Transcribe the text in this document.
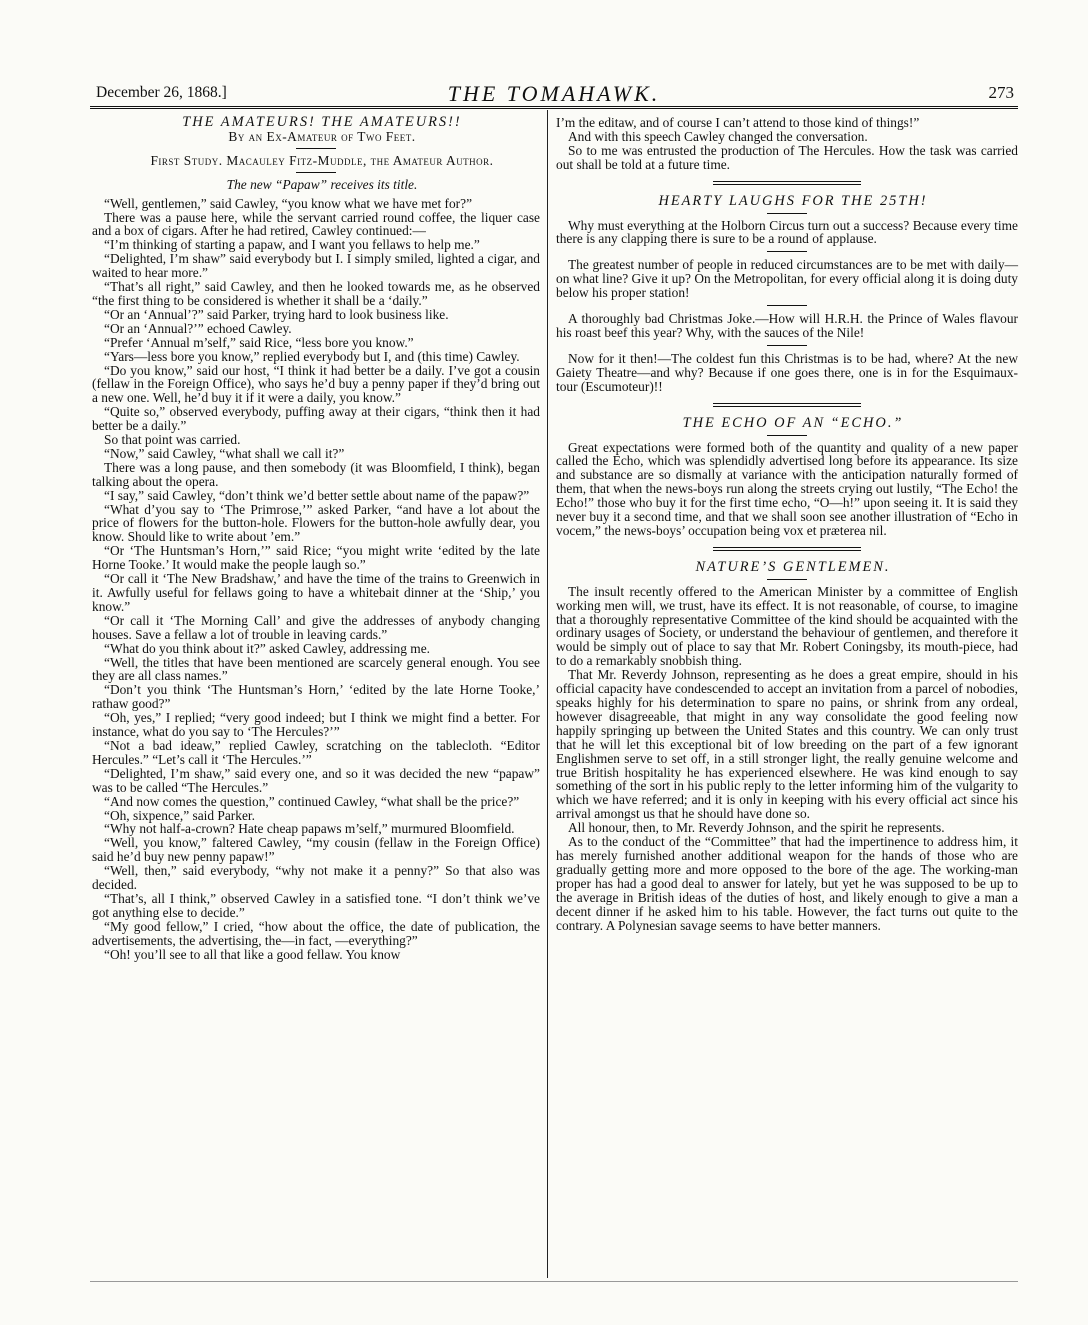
December 26, 1868.]	THE TOMAHAWK.	273

THE AMATEURS! THE AMATEURS!!

By an Ex-Amateur of Two Feet.

First Study. Macauley Fitz-Muddle, the Amateur Author.

The new “Papaw” receives its title.

“Well, gentlemen,” said Cawley, “you know what we have met for?”

There was a pause here, while the servant carried round coffee, the liquer case and a box of cigars. After he had retired, Cawley continued:—

“I’m thinking of starting a papaw, and I want you fellaws to help me.”

“Delighted, I’m shaw” said everybody but I. I simply smiled, lighted a cigar, and waited to hear more.”

“That’s all right,” said Cawley, and then he looked towards me, as he observed “the first thing to be considered is whether it shall be a ‘daily.”

“Or an ‘Annual’?” said Parker, trying hard to look business like.

“Or an ‘Annual?’” echoed Cawley.

“Prefer ‘Annual m’self,” said Rice, “less bore you know.”

“Yars—less bore you know,” replied everybody but I, and (this time) Cawley.

“Do you know,” said our host, “I think it had better be a daily. I’ve got a cousin (fellaw in the Foreign Office), who says he’d buy a penny paper if they’d bring out a new one. Well, he’d buy it if it were a daily, you know.”

“Quite so,” observed everybody, puffing away at their cigars, “think then it had better be a daily.”

So that point was carried.

“Now,” said Cawley, “what shall we call it?”

There was a long pause, and then somebody (it was Bloomfield, I think), began talking about the opera.

“I say,” said Cawley, “don’t think we’d better settle about name of the papaw?”

“What d’you say to ‘The Primrose,’” asked Parker, “and have a lot about the price of flowers for the button-hole. Flowers for the button-hole awfully dear, you know. Should like to write about ’em.”

“Or ‘The Huntsman’s Horn,’” said Rice; “you might write ‘edited by the late Horne Tooke.’ It would make the people laugh so.”

“Or call it ‘The New Bradshaw,’ and have the time of the trains to Greenwich in it. Awfully useful for fellaws going to have a whitebait dinner at the ‘Ship,’ you know.”

“Or call it ‘The Morning Call’ and give the addresses of anybody changing houses. Save a fellaw a lot of trouble in leaving cards.”

“What do you think about it?” asked Cawley, addressing me.

“Well, the titles that have been mentioned are scarcely general enough. You see they are all class names.”

“Don’t you think ‘The Huntsman’s Horn,’ ‘edited by the late Horne Tooke,’ rathaw good?”

“Oh, yes,” I replied; “very good indeed; but I think we might find a better. For instance, what do you say to ‘The Hercules?’”

“Not a bad ideaw,” replied Cawley, scratching on the tablecloth. “Editor Hercules.” “Let’s call it ‘The Hercules.’”

“Delighted, I’m shaw,” said every one, and so it was decided the new “papaw” was to be called “The Hercules.”

“And now comes the question,” continued Cawley, “what shall be the price?”

“Oh, sixpence,” said Parker.

“Why not half-a-crown? Hate cheap papaws m’self,” murmured Bloomfield.

“Well, you know,” faltered Cawley, “my cousin (fellaw in the Foreign Office) said he’d buy new penny papaw!”

“Well, then,” said everybody, “why not make it a penny?” So that also was decided.

“That’s, all I think,” observed Cawley in a satisfied tone. “I don’t think we’ve got anything else to decide.”

“My good fellow,” I cried, “how about the office, the date of publication, the advertisements, the advertising, the—in fact, —everything?”

“Oh! you’ll see to all that like a good fellaw. You know

I’m the editaw, and of course I can’t attend to those kind of things!”

And with this speech Cawley changed the conversation.

So to me was entrusted the production of The Hercules. How the task was carried out shall be told at a future time.

HEARTY LAUGHS FOR THE 25TH!

Why must everything at the Holborn Circus turn out a success? Because every time there is any clapping there is sure to be a round of applause.

The greatest number of people in reduced circumstances are to be met with daily—on what line? Give it up? On the Metropolitan, for every official along it is doing duty below his proper station!

A thoroughly bad Christmas Joke.—How will H.R.H. the Prince of Wales flavour his roast beef this year? Why, with the sauces of the Nile!

Now for it then!—The coldest fun this Christmas is to be had, where? At the new Gaiety Theatre—and why? Because if one goes there, one is in for the Esquimaux-tour (Escumoteur)!!

THE ECHO OF AN “ECHO.”

Great expectations were formed both of the quantity and quality of a new paper called the Echo, which was splendidly advertised long before its appearance. Its size and substance are so dismally at variance with the anticipation naturally formed of them, that when the news-boys run along the streets crying out lustily, “The Echo! the Echo!” those who buy it for the first time echo, “O—h!” upon seeing it. It is said they never buy it a second time, and that we shall soon see another illustration of “Echo in vocem,” the news-boys’ occupation being vox et præterea nil.

NATURE’S GENTLEMEN.

The insult recently offered to the American Minister by a committee of English working men will, we trust, have its effect. It is not reasonable, of course, to imagine that a thoroughly representative Committee of the kind should be acquainted with the ordinary usages of Society, or understand the behaviour of gentlemen, and therefore it would be simply out of place to say that Mr. Robert Coningsby, its mouth-piece, had to do a remarkably snobbish thing.

That Mr. Reverdy Johnson, representing as he does a great empire, should in his official capacity have condescended to accept an invitation from a parcel of nobodies, speaks highly for his determination to spare no pains, or shrink from any ordeal, however disagreeable, that might in any way consolidate the good feeling now happily springing up between the United States and this country. We can only trust that he will let this exceptional bit of low breeding on the part of a few ignorant Englishmen serve to set off, in a still stronger light, the really genuine welcome and true British hospitality he has experienced elsewhere. He was kind enough to say something of the sort in his public reply to the letter informing him of the vulgarity to which we have referred; and it is only in keeping with his every official act since his arrival amongst us that he should have done so.

All honour, then, to Mr. Reverdy Johnson, and the spirit he represents.

As to the conduct of the “Committee” that had the impertinence to address him, it has merely furnished another additional weapon for the hands of those who are gradually getting more and more opposed to the bore of the age. The working-man proper has had a good deal to answer for lately, but yet he was supposed to be up to the average in British ideas of the duties of host, and likely enough to give a man a decent dinner if he asked him to his table. However, the fact turns out quite to the contrary. A Polynesian savage seems to have better manners.
